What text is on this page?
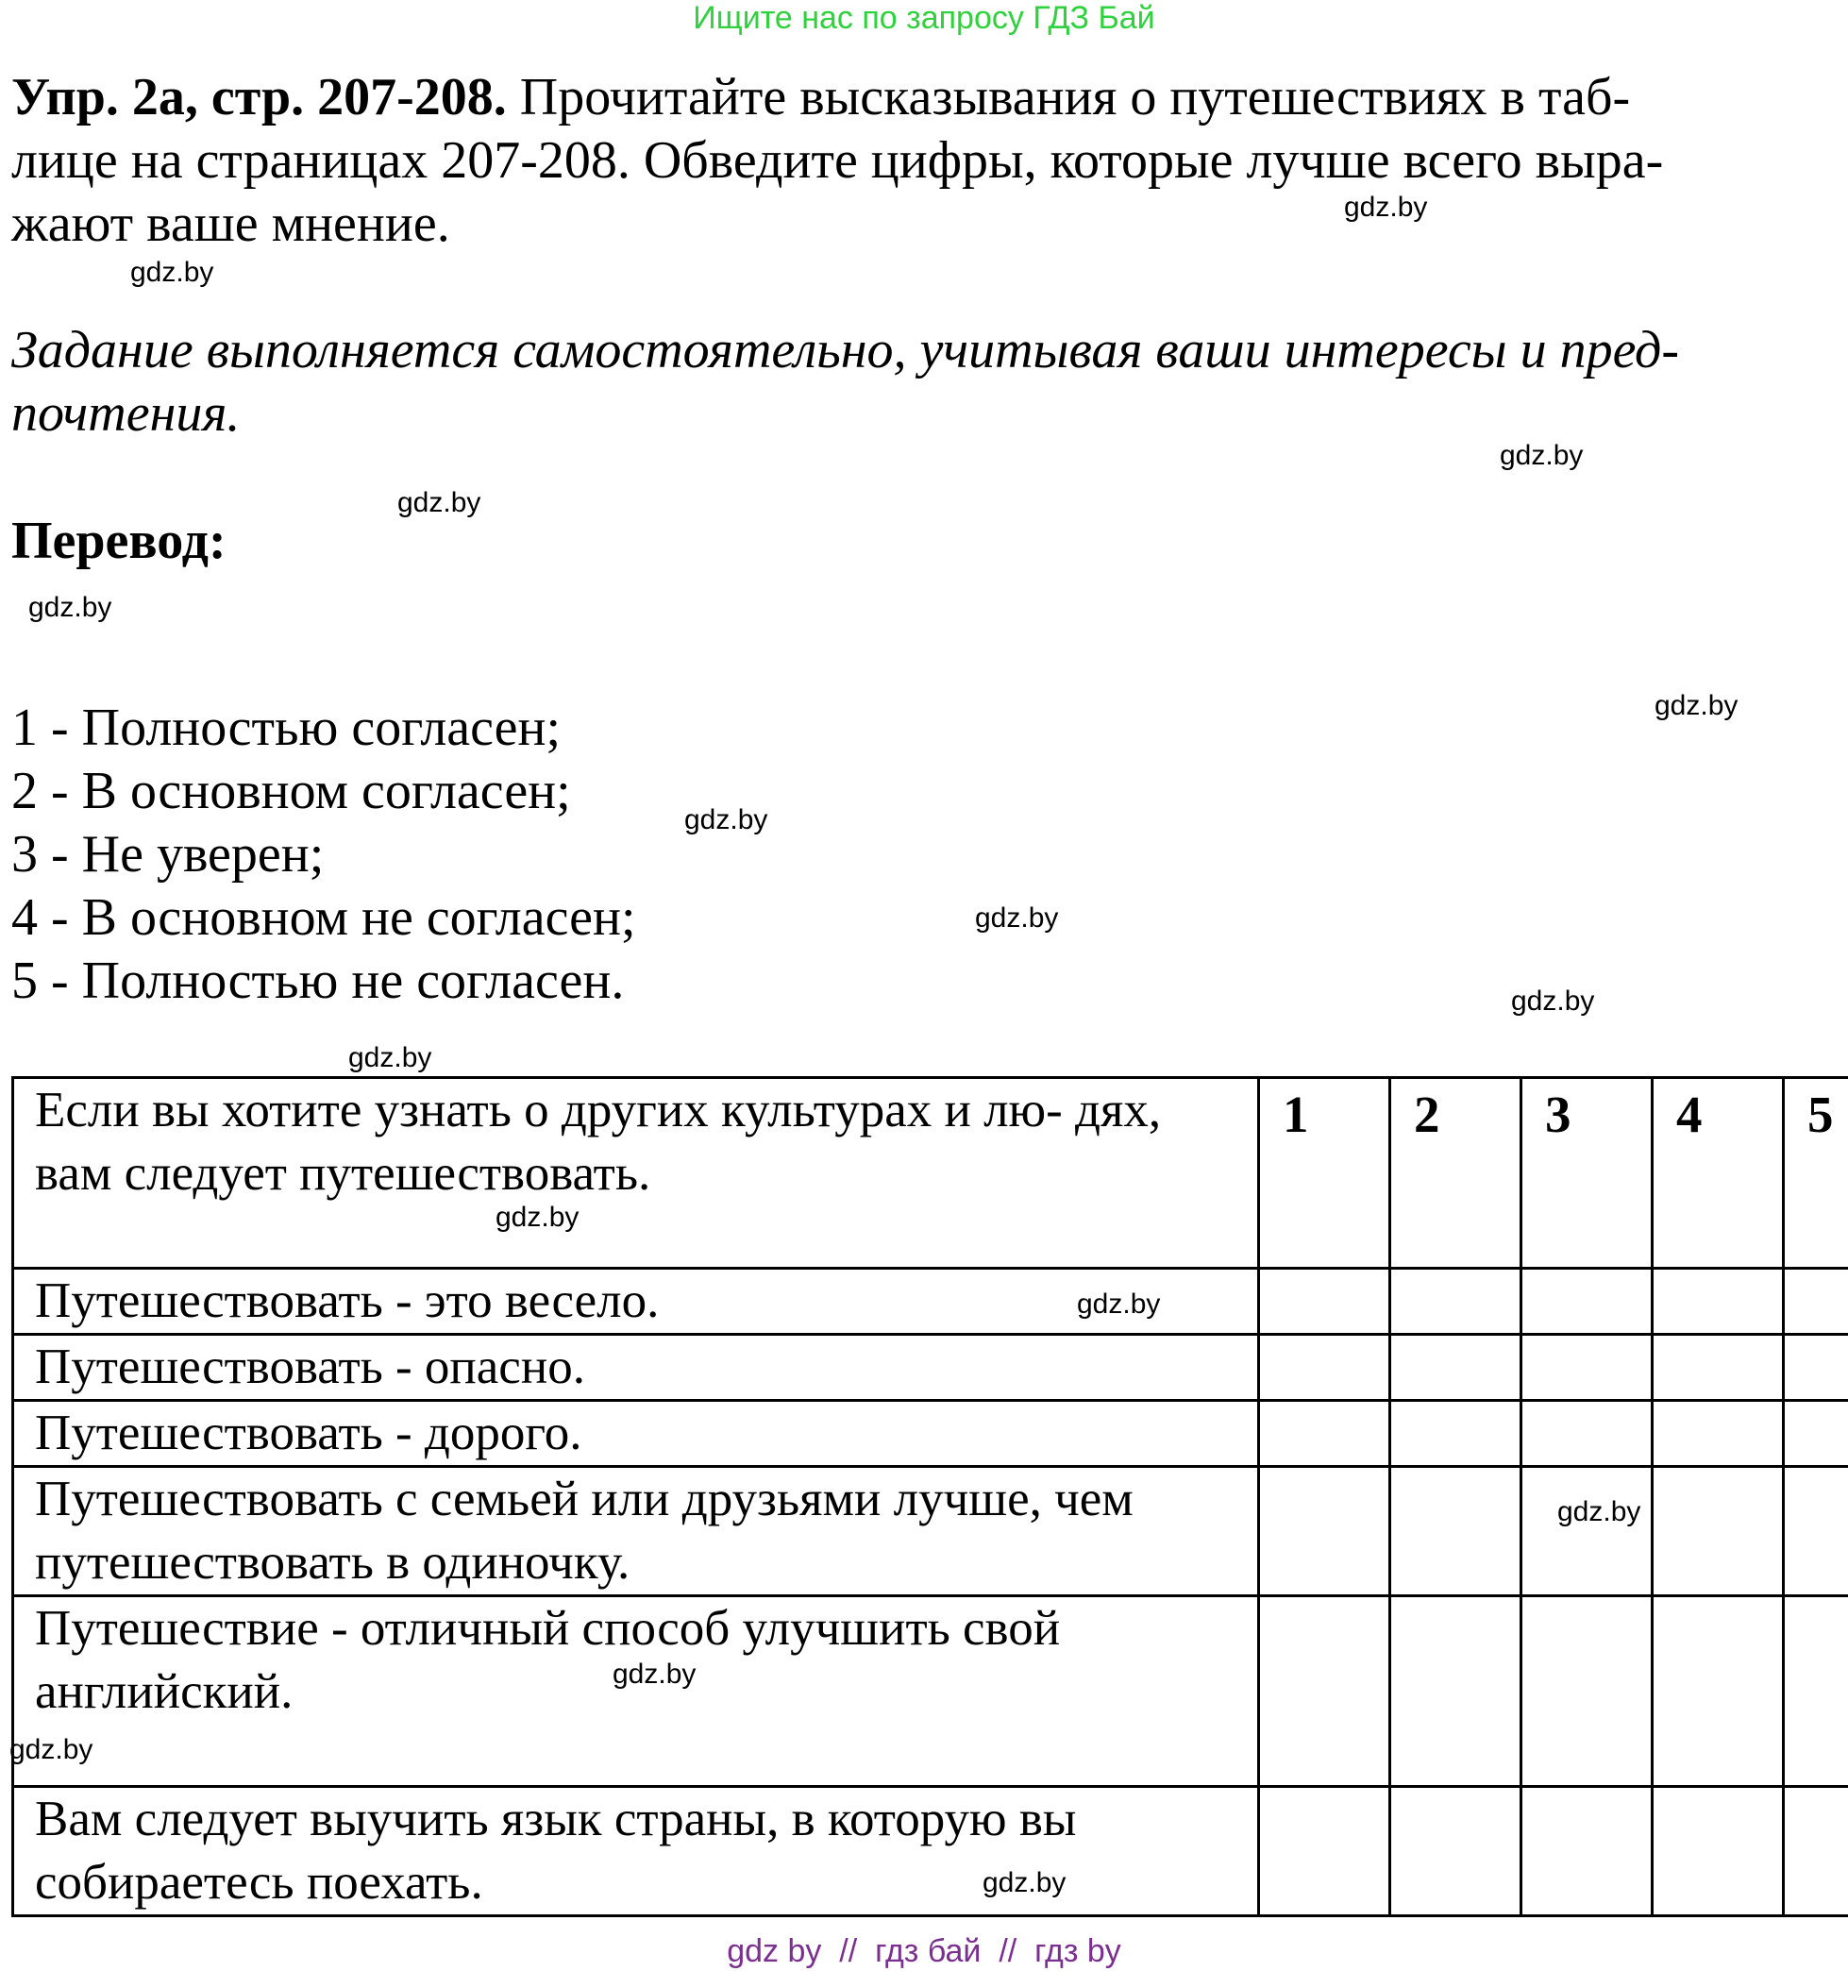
Ищите нас по запросу ГДЗ Бай
Упр. 2а, стр. 207-208. Прочитайте высказывания о путешествиях в таб-
лице на страницах 207-208. Обведите цифры, которые лучше всего выра-
жают ваше мнение.
Задание выполняется самостоятельно, учитывая ваши интересы и пред-
почтения.
Перевод:
1 - Полностью согласен;
2 - В основном согласен;
3 - Не уверен;
4 - В основном не согласен;
5 - Полностью не согласен.
Если вы хотите узнать о других культурах и лю- дях, вам следует путешествовать.	1	2	3	4	5
Путешествовать - это весело.					
Путешествовать - опасно.					
Путешествовать - дорого.					
Путешествовать с семьей или друзьями лучше, чем путешествовать в одиночку.					
Путешествие - отличный способ улучшить свой английский.					
Вам следует выучить язык страны, в которую вы собираетесь поехать.					
gdz.by
gdz.by
gdz.by
gdz.by
gdz.by
gdz.by
gdz.by
gdz.by
gdz.by
gdz.by
gdz.by
gdz.by
gdz.by
gdz.by
gdz.by
gdz.by
gdz by  //  гдз бай  //  гдз by
